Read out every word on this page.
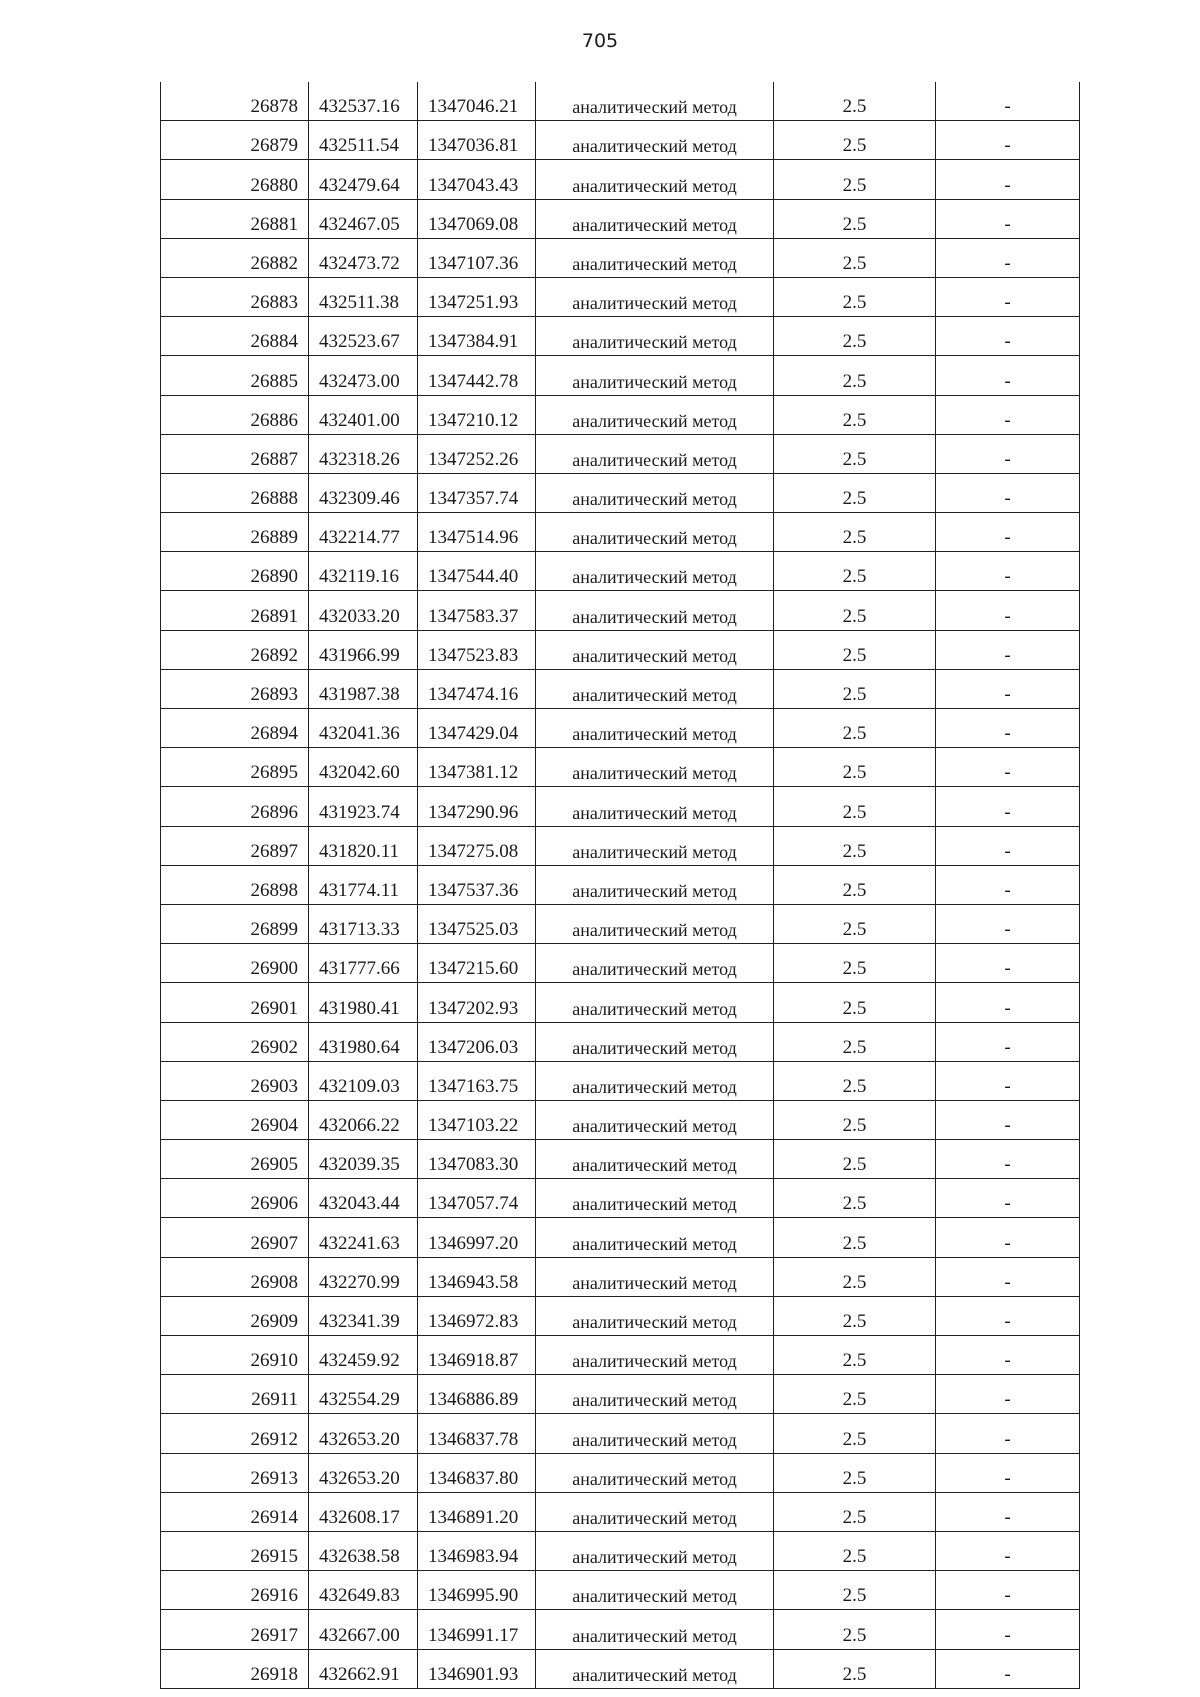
705
26878	432537.16	1347046.21	аналитический метод	2.5	-
26879	432511.54	1347036.81	аналитический метод	2.5	-
26880	432479.64	1347043.43	аналитический метод	2.5	-
26881	432467.05	1347069.08	аналитический метод	2.5	-
26882	432473.72	1347107.36	аналитический метод	2.5	-
26883	432511.38	1347251.93	аналитический метод	2.5	-
26884	432523.67	1347384.91	аналитический метод	2.5	-
26885	432473.00	1347442.78	аналитический метод	2.5	-
26886	432401.00	1347210.12	аналитический метод	2.5	-
26887	432318.26	1347252.26	аналитический метод	2.5	-
26888	432309.46	1347357.74	аналитический метод	2.5	-
26889	432214.77	1347514.96	аналитический метод	2.5	-
26890	432119.16	1347544.40	аналитический метод	2.5	-
26891	432033.20	1347583.37	аналитический метод	2.5	-
26892	431966.99	1347523.83	аналитический метод	2.5	-
26893	431987.38	1347474.16	аналитический метод	2.5	-
26894	432041.36	1347429.04	аналитический метод	2.5	-
26895	432042.60	1347381.12	аналитический метод	2.5	-
26896	431923.74	1347290.96	аналитический метод	2.5	-
26897	431820.11	1347275.08	аналитический метод	2.5	-
26898	431774.11	1347537.36	аналитический метод	2.5	-
26899	431713.33	1347525.03	аналитический метод	2.5	-
26900	431777.66	1347215.60	аналитический метод	2.5	-
26901	431980.41	1347202.93	аналитический метод	2.5	-
26902	431980.64	1347206.03	аналитический метод	2.5	-
26903	432109.03	1347163.75	аналитический метод	2.5	-
26904	432066.22	1347103.22	аналитический метод	2.5	-
26905	432039.35	1347083.30	аналитический метод	2.5	-
26906	432043.44	1347057.74	аналитический метод	2.5	-
26907	432241.63	1346997.20	аналитический метод	2.5	-
26908	432270.99	1346943.58	аналитический метод	2.5	-
26909	432341.39	1346972.83	аналитический метод	2.5	-
26910	432459.92	1346918.87	аналитический метод	2.5	-
26911	432554.29	1346886.89	аналитический метод	2.5	-
26912	432653.20	1346837.78	аналитический метод	2.5	-
26913	432653.20	1346837.80	аналитический метод	2.5	-
26914	432608.17	1346891.20	аналитический метод	2.5	-
26915	432638.58	1346983.94	аналитический метод	2.5	-
26916	432649.83	1346995.90	аналитический метод	2.5	-
26917	432667.00	1346991.17	аналитический метод	2.5	-
26918	432662.91	1346901.93	аналитический метод	2.5	-
